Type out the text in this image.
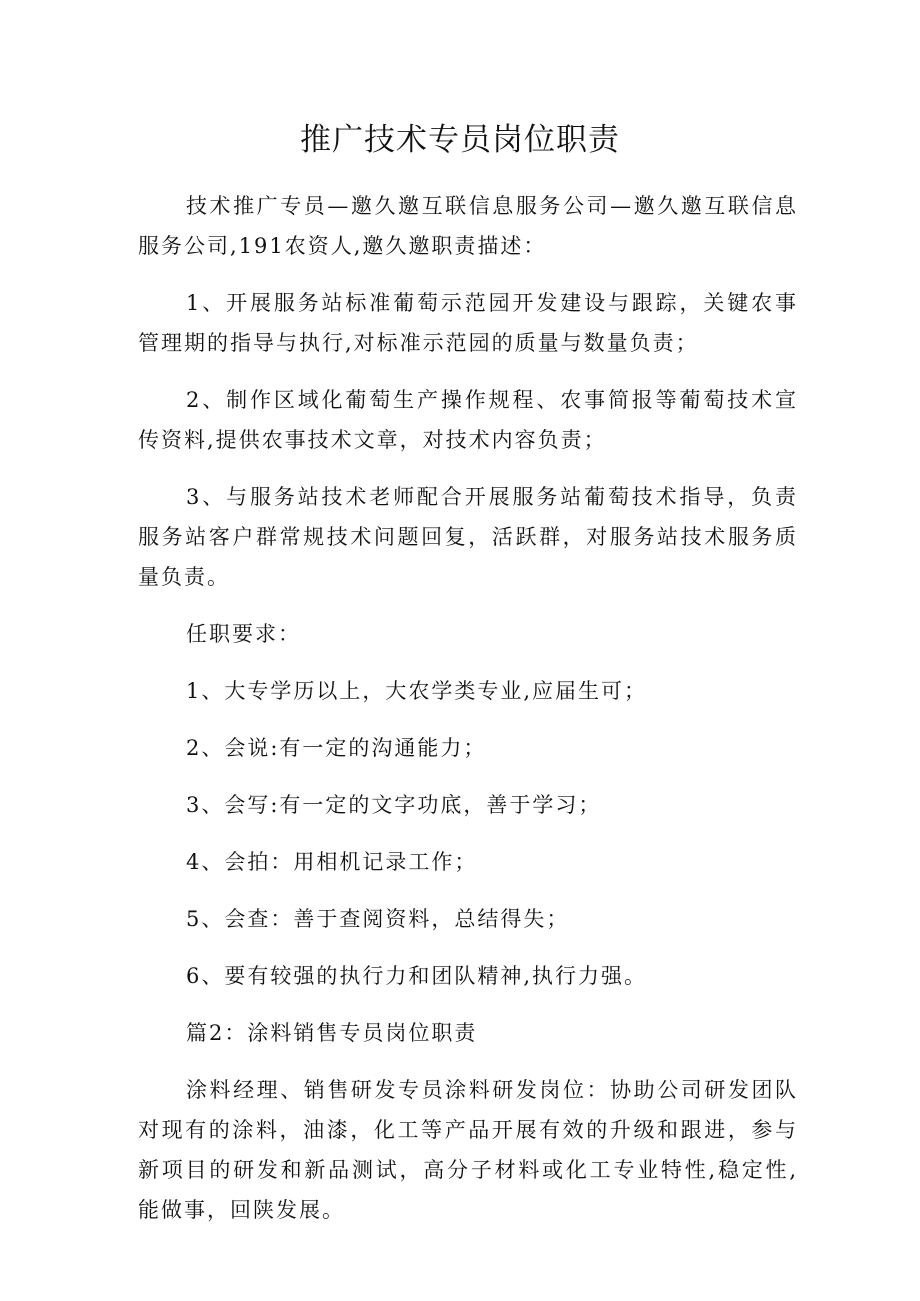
推广技术专员岗位职责

技术推广专员—邀久邀互联信息服务公司—邀久邀互联信息服务公司,191农资人,邀久邀职责描述：

1、开展服务站标准葡萄示范园开发建设与跟踪，关键农事管理期的指导与执行,对标准示范园的质量与数量负责；

2、制作区域化葡萄生产操作规程、农事简报等葡萄技术宣传资料,提供农事技术文章，对技术内容负责；

3、与服务站技术老师配合开展服务站葡萄技术指导，负责服务站客户群常规技术问题回复，活跃群，对服务站技术服务质量负责。

任职要求：

1、大专学历以上，大农学类专业,应届生可；

2、会说:有一定的沟通能力；

3、会写:有一定的文字功底，善于学习；

4、会拍：用相机记录工作；

5、会查：善于查阅资料，总结得失；

6、要有较强的执行力和团队精神,执行力强。

篇2：涂料销售专员岗位职责

涂料经理、销售研发专员涂料研发岗位：协助公司研发团队对现有的涂料，油漆，化工等产品开展有效的升级和跟进，参与新项目的研发和新品测试，高分子材料或化工专业特性,稳定性,能做事，回陕发展。
